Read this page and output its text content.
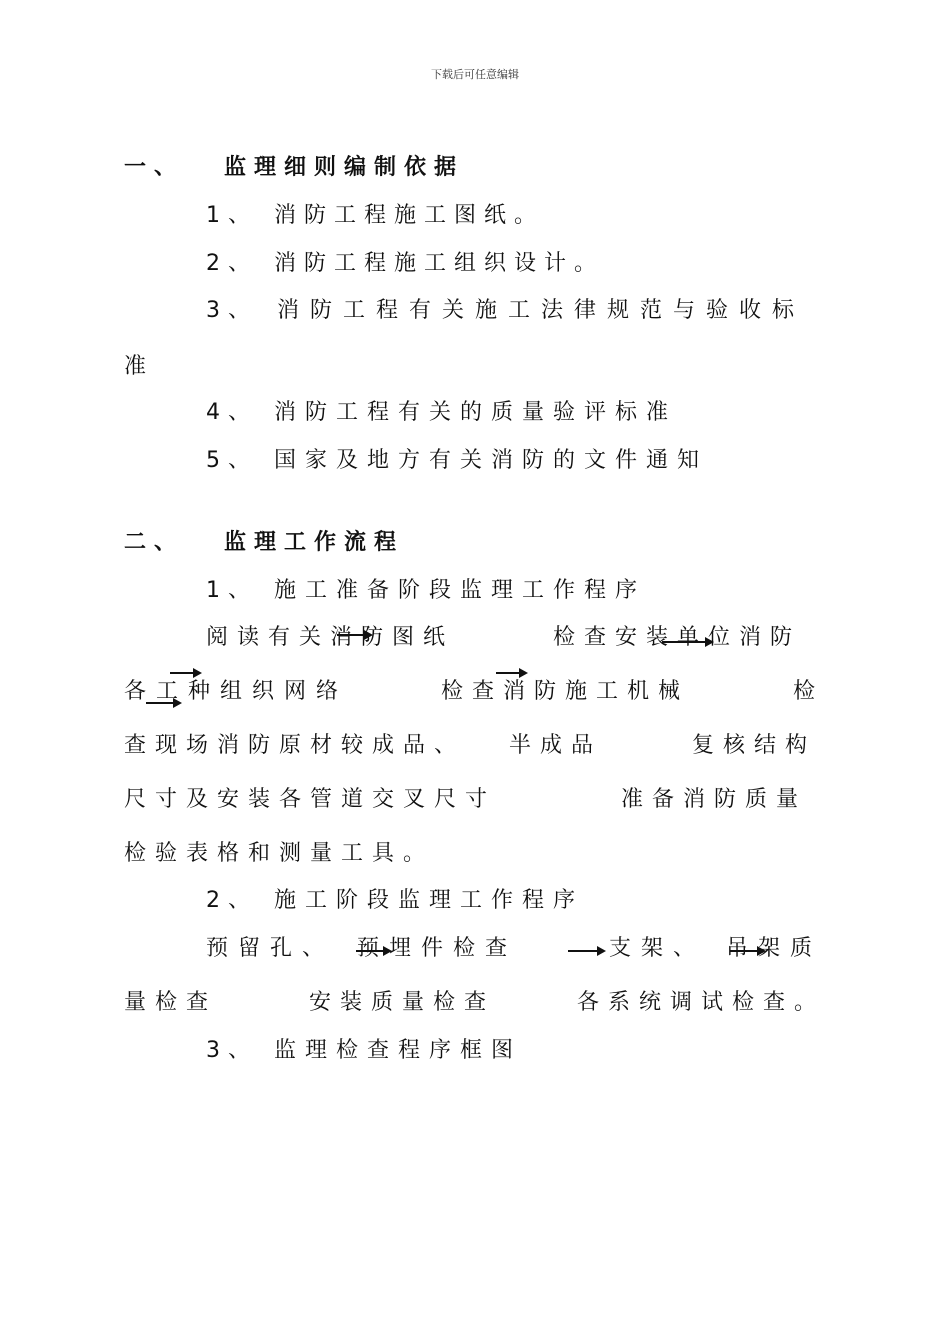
下载后可任意编辑
一、 监理细则编制依据
1、 消防工程施工图纸。
2、 消防工程施工组织设计。
3、 消防工程有关施工法律规范与验收标
准
4、 消防工程有关的质量验评标准
5、 国家及地方有关消防的文件通知
二、 监理工作流程
1、 施工准备阶段监理工作程序
阅读有关消防图纸	检查安装单位消防
各工种组织网络	检查消防施工机械	检
查现场消防原材较成品、 半成品	复核结构
尺寸及安装各管道交叉尺寸	准备消防质量
检验表格和测量工具。
2、 施工阶段监理工作程序
预留孔、 预埋件检查	支架、 吊架质
量检查	安装质量检查	各系统调试检查。
3、 监理检查程序框图
